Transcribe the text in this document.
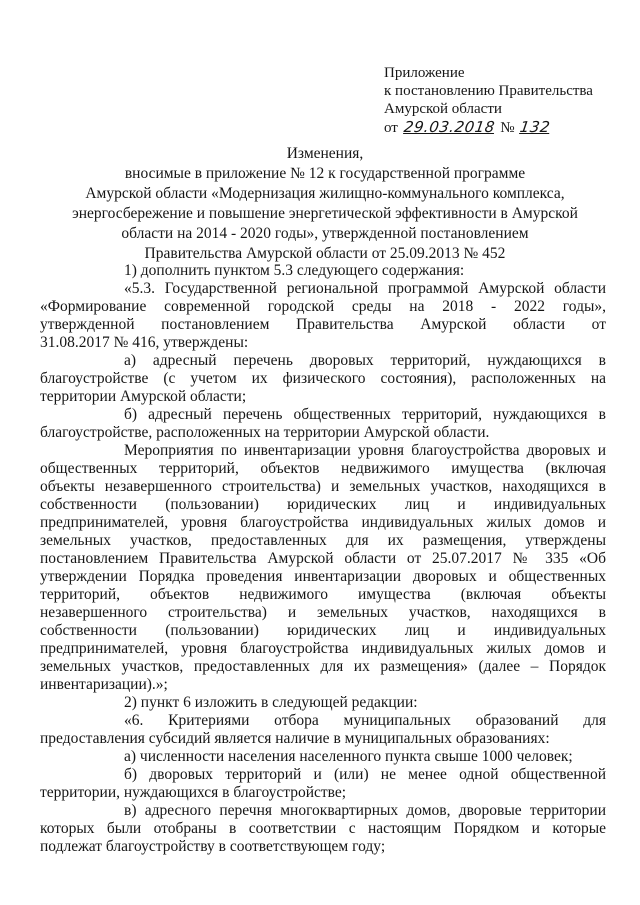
Приложение
к постановлению Правительства
Амурской области
от 29.03.2018 № 132
Изменения,
вносимые в приложение № 12 к государственной программе
Амурской области «Модернизация жилищно-коммунального комплекса,
энергосбережение и повышение энергетической эффективности в Амурской
области на 2014 - 2020 годы», утвержденной постановлением
Правительства Амурской области от 25.09.2013 № 452

1) дополнить пунктом 5.3 следующего содержания:

«5.3. Государственной региональной программой Амурской области

«Формирование современной городской среды на 2018 - 2022 годы»,

утвержденной постановлением Правительства Амурской области от

31.08.2017 № 416, утверждены:

а) адресный перечень дворовых территорий, нуждающихся в

благоустройстве (с учетом их физического состояния), расположенных на

территории Амурской области;

б) адресный перечень общественных территорий, нуждающихся в

благоустройстве, расположенных на территории Амурской области.

Мероприятия по инвентаризации уровня благоустройства дворовых и

общественных территорий, объектов недвижимого имущества (включая

объекты незавершенного строительства) и земельных участков, находящихся в

собственности (пользовании) юридических лиц и индивидуальных

предпринимателей, уровня благоустройства индивидуальных жилых домов и

земельных участков, предоставленных для их размещения, утверждены

постановлением Правительства Амурской области от 25.07.2017 № 335 «Об

утверждении Порядка проведения инвентаризации дворовых и общественных

территорий, объектов недвижимого имущества (включая объекты

незавершенного строительства) и земельных участков, находящихся в

собственности (пользовании) юридических лиц и индивидуальных

предпринимателей, уровня благоустройства индивидуальных жилых домов и

земельных участков, предоставленных для их размещения» (далее – Порядок

инвентаризации).»;

2) пункт 6 изложить в следующей редакции:

«6. Критериями отбора муниципальных образований для

предоставления субсидий является наличие в муниципальных образованиях:

а) численности населения населенного пункта свыше 1000 человек;

б) дворовых территорий и (или) не менее одной общественной

территории, нуждающихся в благоустройстве;

в) адресного перечня многоквартирных домов, дворовые территории

которых были отобраны в соответствии с настоящим Порядком и которые

подлежат благоустройству в соответствующем году;
